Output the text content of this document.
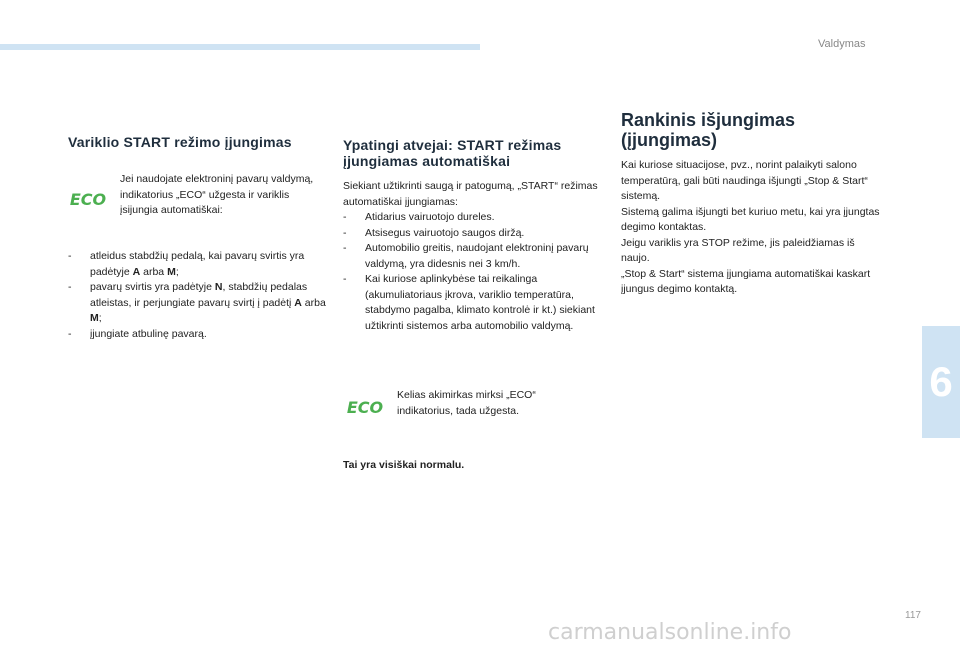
Valdymas
Variklio START režimo įjungimas
ECO
Jei naudojate elektroninį pavarų valdymą, indikatorius „ECO“ užgesta ir variklis įsijungia automatiškai:
- atleidus stabdžių pedalą, kai pavarų svirtis yra padėtyje A arba M;
- pavarų svirtis yra padėtyje N, stabdžių pedalas atleistas, ir perjungiate pavarų svirtį į padėtį A arba M;
- įjungiate atbulinę pavarą.
Ypatingi atvejai: START režimas įjungiamas automatiškai
Siekiant užtikrinti saugą ir patogumą, „START“ režimas automatiškai įjungiamas:
- Atidarius vairuotojo dureles.
- Atsisegus vairuotojo saugos diržą.
- Automobilio greitis, naudojant elektroninį pavarų valdymą, yra didesnis nei 3 km/h.
- Kai kuriose aplinkybėse tai reikalinga (akumuliatoriaus įkrova, variklio temperatūra, stabdymo pagalba, klimato kontrolė ir kt.) siekiant užtikrinti sistemos arba automobilio valdymą.
ECO
Kelias akimirkas mirksi „ECO“ indikatorius, tada užgesta.
Tai yra visiškai normalu.
Rankinis išjungimas (įjungimas)
Kai kuriose situacijose, pvz., norint palaikyti salono temperatūrą, gali būti naudinga išjungti „Stop & Start“ sistemą.
Sistemą galima išjungti bet kuriuo metu, kai yra įjungtas degimo kontaktas.
Jeigu variklis yra STOP režime, jis paleidžiamas iš naujo.
„Stop & Start“ sistema įjungiama automatiškai kaskart įjungus degimo kontaktą.
6
117
carmanualsonline.info
